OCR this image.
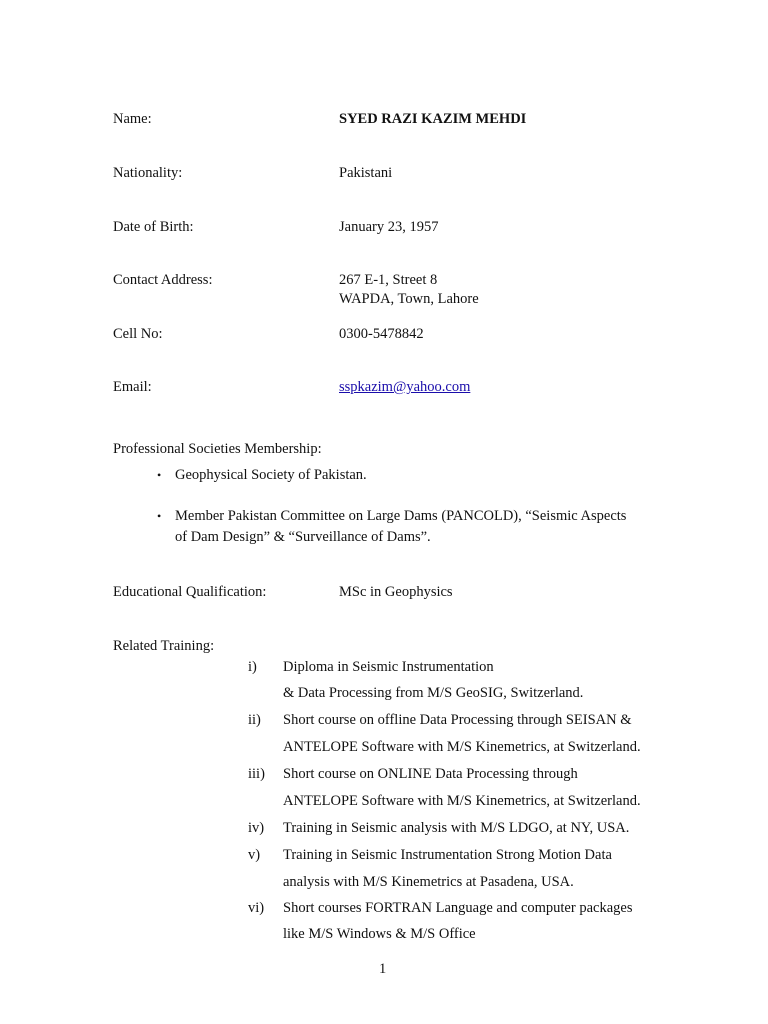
Name:	SYED RAZI KAZIM MEHDI
Nationality:	Pakistani
Date of Birth:	January 23, 1957
Contact Address:	267 E-1, Street 8
WAPDA, Town, Lahore
Cell No:	0300-5478842
Email:	sspkazim@yahoo.com
Professional Societies Membership:
• Geophysical Society of Pakistan.
• Member Pakistan Committee on Large Dams (PANCOLD), “Seismic Aspects
of Dam Design” & “Surveillance of Dams”.
Educational Qualification:	MSc in Geophysics
Related Training:
i) Diploma in Seismic Instrumentation
& Data Processing from M/S GeoSIG, Switzerland.
ii) Short course on offline Data Processing through SEISAN &
ANTELOPE Software with M/S Kinemetrics, at Switzerland.
iii) Short course on ONLINE Data Processing through
ANTELOPE Software with M/S Kinemetrics, at Switzerland.
iv) Training in Seismic analysis with M/S LDGO, at NY, USA.
v) Training in Seismic Instrumentation Strong Motion Data
analysis with M/S Kinemetrics at Pasadena, USA.
vi) Short courses FORTRAN Language and computer packages
like M/S Windows & M/S Office
1
